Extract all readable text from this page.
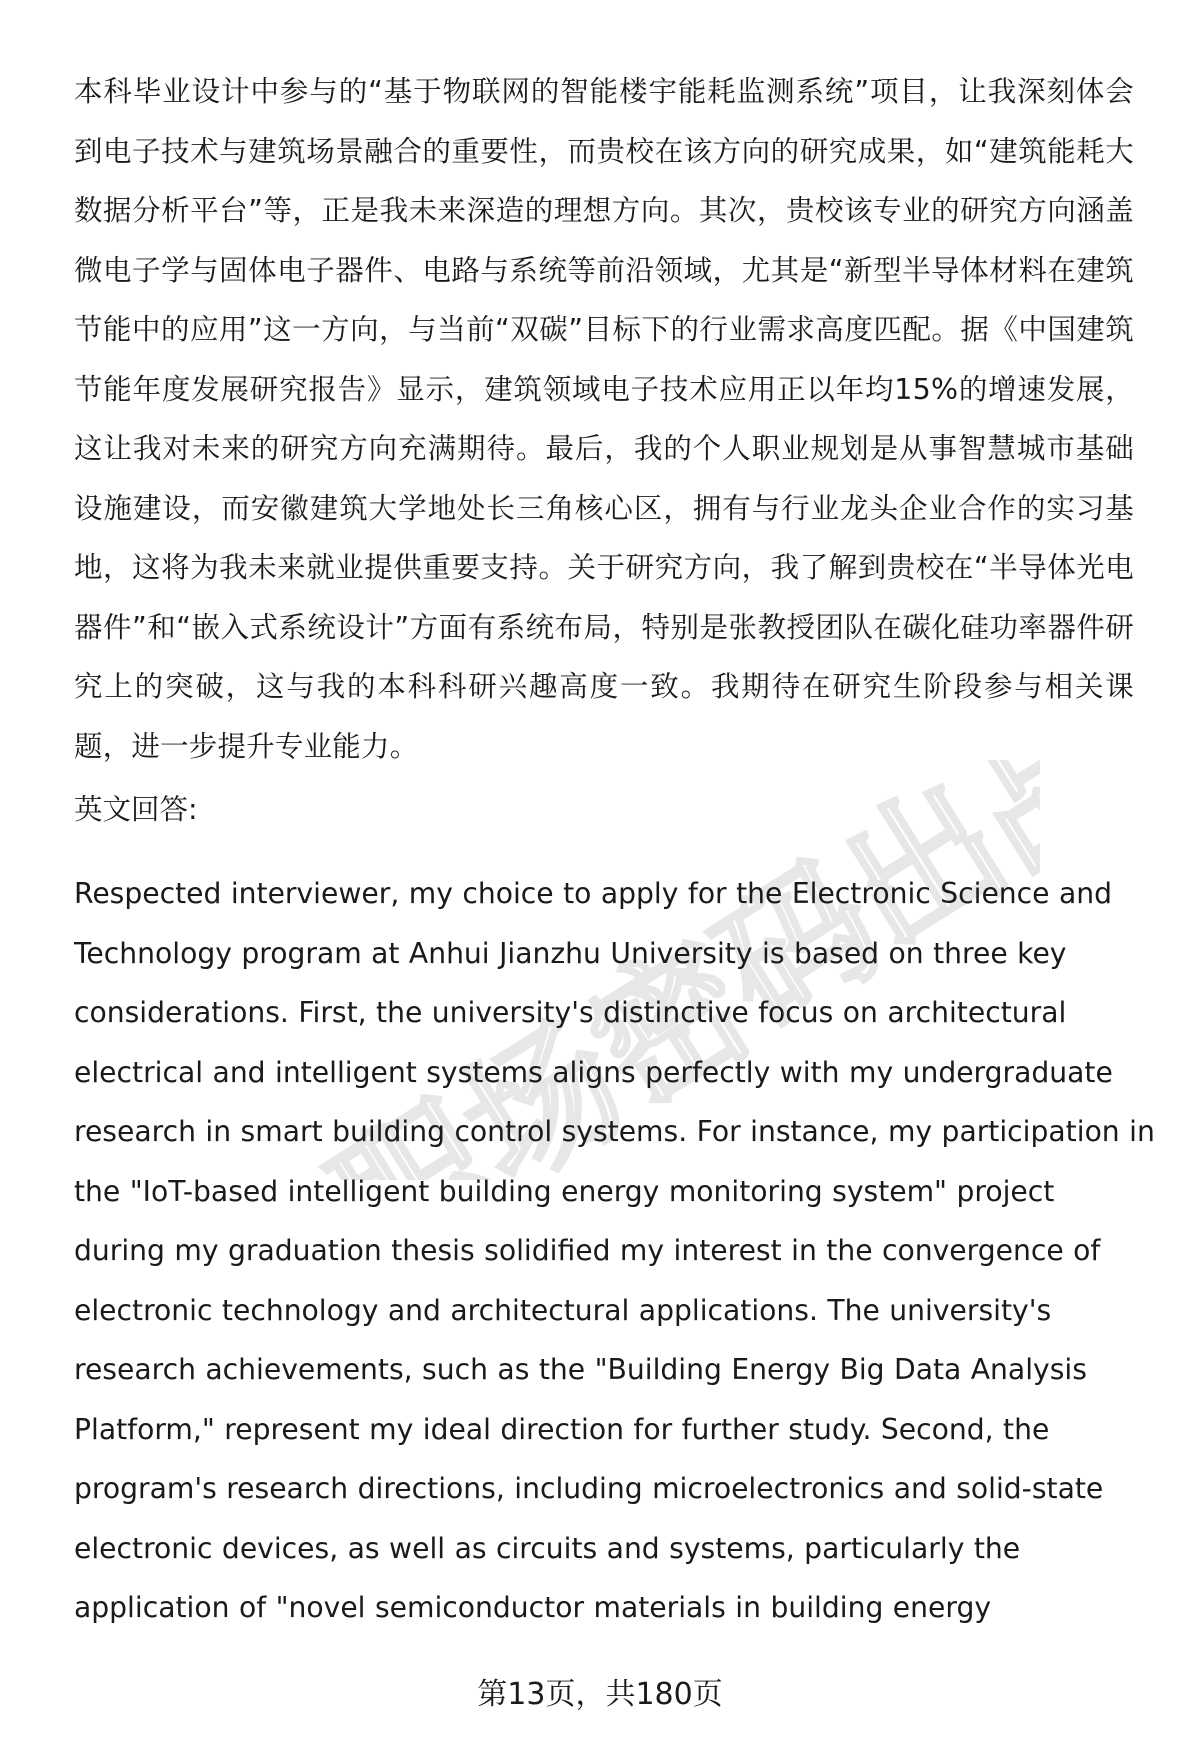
职场密码出品
本科毕业设计中参与的“基于物联网的智能楼宇能耗监测系统”项目，让我深刻体会到电子技术与建筑场景融合的重要性，而贵校在该方向的研究成果，如“建筑能耗大数据分析平台”等，正是我未来深造的理想方向。其次，贵校该专业的研究方向涵盖微电子学与固体电子器件、电路与系统等前沿领域，尤其是“新型半导体材料在建筑节能中的应用”这一方向，与当前“双碳”目标下的行业需求高度匹配。据《中国建筑节能年度发展研究报告》显示，建筑领域电子技术应用正以年均15%的增速发展，这让我对未来的研究方向充满期待。最后，我的个人职业规划是从事智慧城市基础设施建设，而安徽建筑大学地处长三角核心区，拥有与行业龙头企业合作的实习基地，这将为我未来就业提供重要支持。关于研究方向，我了解到贵校在“半导体光电器件”和“嵌入式系统设计”方面有系统布局，特别是张教授团队在碳化硅功率器件研究上的突破，这与我的本科科研兴趣高度一致。我期待在研究生阶段参与相关课题，进一步提升专业能力。
英文回答:
Respected interviewer, my choice to apply for the Electronic Science and
Technology program at Anhui Jianzhu University is based on three key
considerations. First, the university's distinctive focus on architectural
electrical and intelligent systems aligns perfectly with my undergraduate
research in smart building control systems. For instance, my participation in
the "IoT-based intelligent building energy monitoring system" project
during my graduation thesis solidified my interest in the convergence of
electronic technology and architectural applications. The university's
research achievements, such as the "Building Energy Big Data Analysis
Platform," represent my ideal direction for further study. Second, the
program's research directions, including microelectronics and solid-state
electronic devices, as well as circuits and systems, particularly the
application of "novel semiconductor materials in building energy
第13页，共180页
